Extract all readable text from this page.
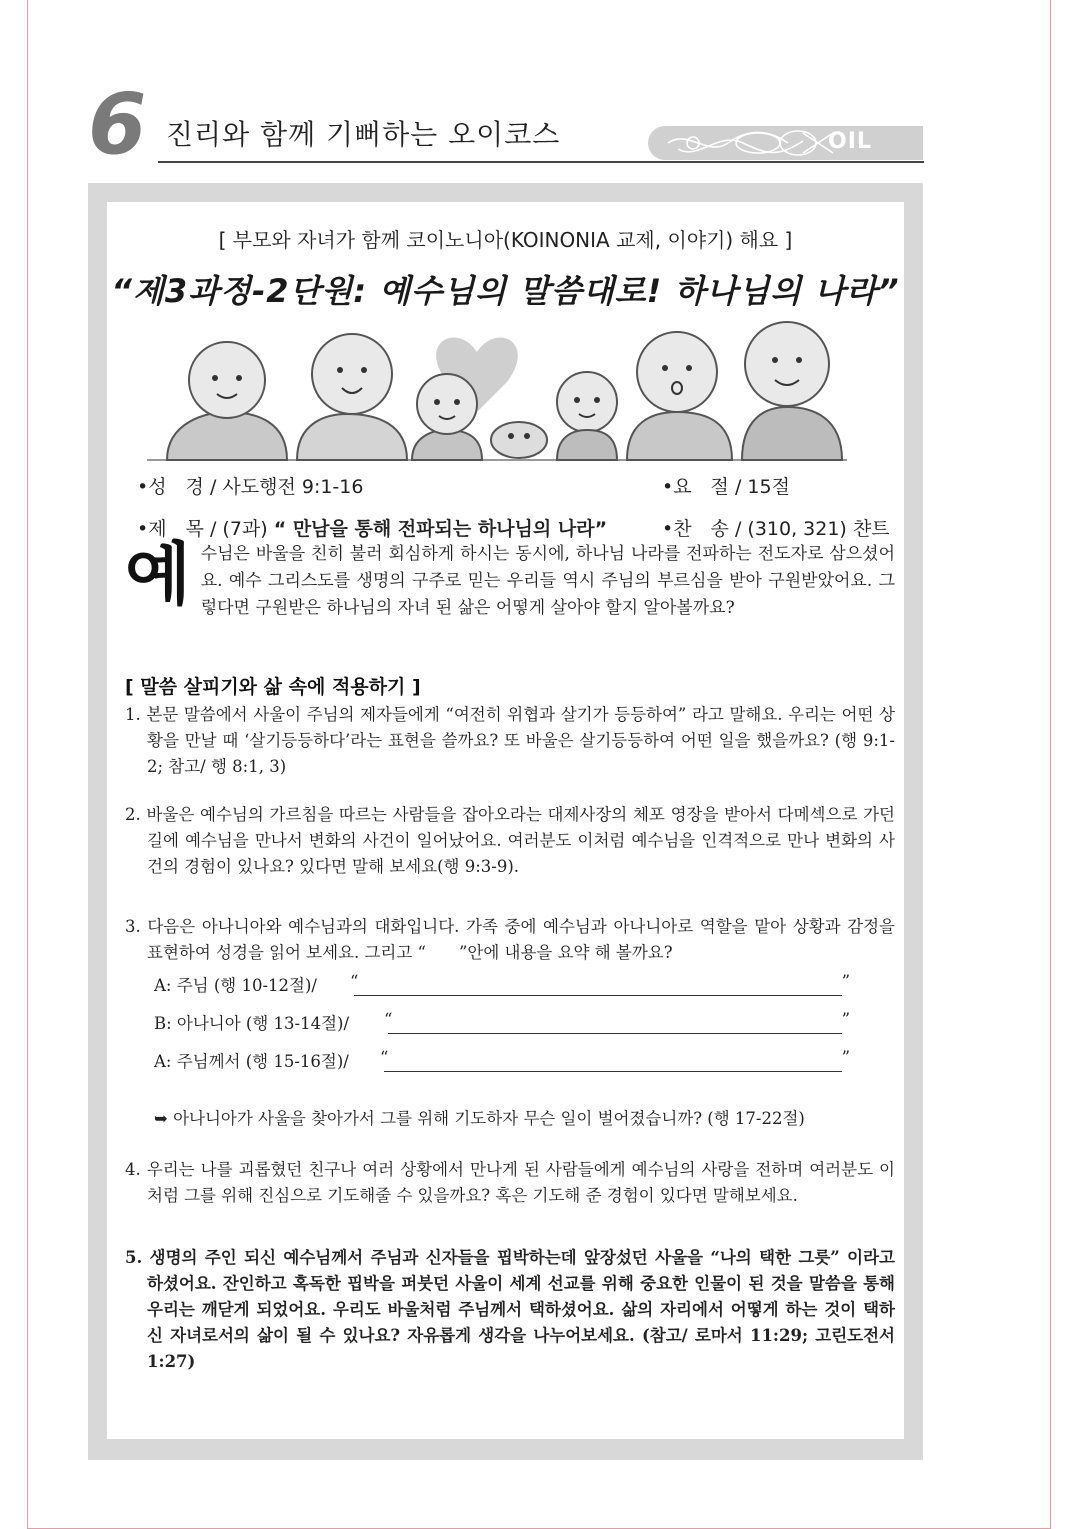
6 진리와 함께 기뻐하는 오이코스	OIL
[ 부모와 자녀가 함께 코이노니아(KOINONIA 교제, 이야기) 해요 ]
“제3과정-2단원: 예수님의 말씀대로! 하나님의 나라”
•성　경 / 사도행전 9:1-16	•요　절 / 15절
•제　목 / (7과) “ 만남을 통해 전파되는 하나님의 나라”	•찬　송 / (310, 321) 챤트
예수님은 바울을 친히 불러 회심하게 하시는 동시에, 하나님 나라를 전파하는 전도자로 삼으셨어요. 예수 그리스도를 생명의 구주로 믿는 우리들 역시 주님의 부르심을 받아 구원받았어요. 그렇다면 구원받은 하나님의 자녀 된 삶은 어떻게 살아야 할지 알아볼까요?
[ 말씀 살피기와 삶 속에 적용하기 ]
1. 본문 말씀에서 사울이 주님의 제자들에게 “여전히 위협과 살기가 등등하여” 라고 말해요. 우리는 어떤 상황을 만날 때 ‘살기등등하다’라는 표현을 쓸까요? 또 바울은 살기등등하여 어떤 일을 했을까요? (행 9:1-2; 참고/ 행 8:1, 3)
2. 바울은 예수님의 가르침을 따르는 사람들을 잡아오라는 대제사장의 체포 영장을 받아서 다메섹으로 가던 길에 예수님을 만나서 변화의 사건이 일어났어요. 여러분도 이처럼 예수님을 인격적으로 만나 변화의 사건의 경험이 있나요? 있다면 말해 보세요(행 9:3-9).
3. 다음은 아나니아와 예수님과의 대화입니다. 가족 중에 예수님과 아나니아로 역할을 맡아 상황과 감정을 표현하여 성경을 읽어 보세요. 그리고 “　　”안에 내용을 요약 해 볼까요?
A: 주님 (행 10-12절)/ “	”
B: 아나니아 (행 13-14절)/ “	”
A: 주님께서 (행 15-16절)/ “	”
➥ 아나니아가 사울을 찾아가서 그를 위해 기도하자 무슨 일이 벌어졌습니까? (행 17-22절)
4. 우리는 나를 괴롭혔던 친구나 여러 상황에서 만나게 된 사람들에게 예수님의 사랑을 전하며 여러분도 이처럼 그를 위해 진심으로 기도해줄 수 있을까요? 혹은 기도해 준 경험이 있다면 말해보세요.
5. 생명의 주인 되신 예수님께서 주님과 신자들을 핍박하는데 앞장섰던 사울을 “나의 택한 그릇” 이라고 하셨어요. 잔인하고 혹독한 핍박을 퍼붓던 사울이 세계 선교를 위해 중요한 인물이 된 것을 말씀을 통해 우리는 깨닫게 되었어요. 우리도 바울처럼 주님께서 택하셨어요. 삶의 자리에서 어떻게 하는 것이 택하신 자녀로서의 삶이 될 수 있나요? 자유롭게 생각을 나누어보세요. (참고/ 로마서 11:29; 고린도전서 1:27)
